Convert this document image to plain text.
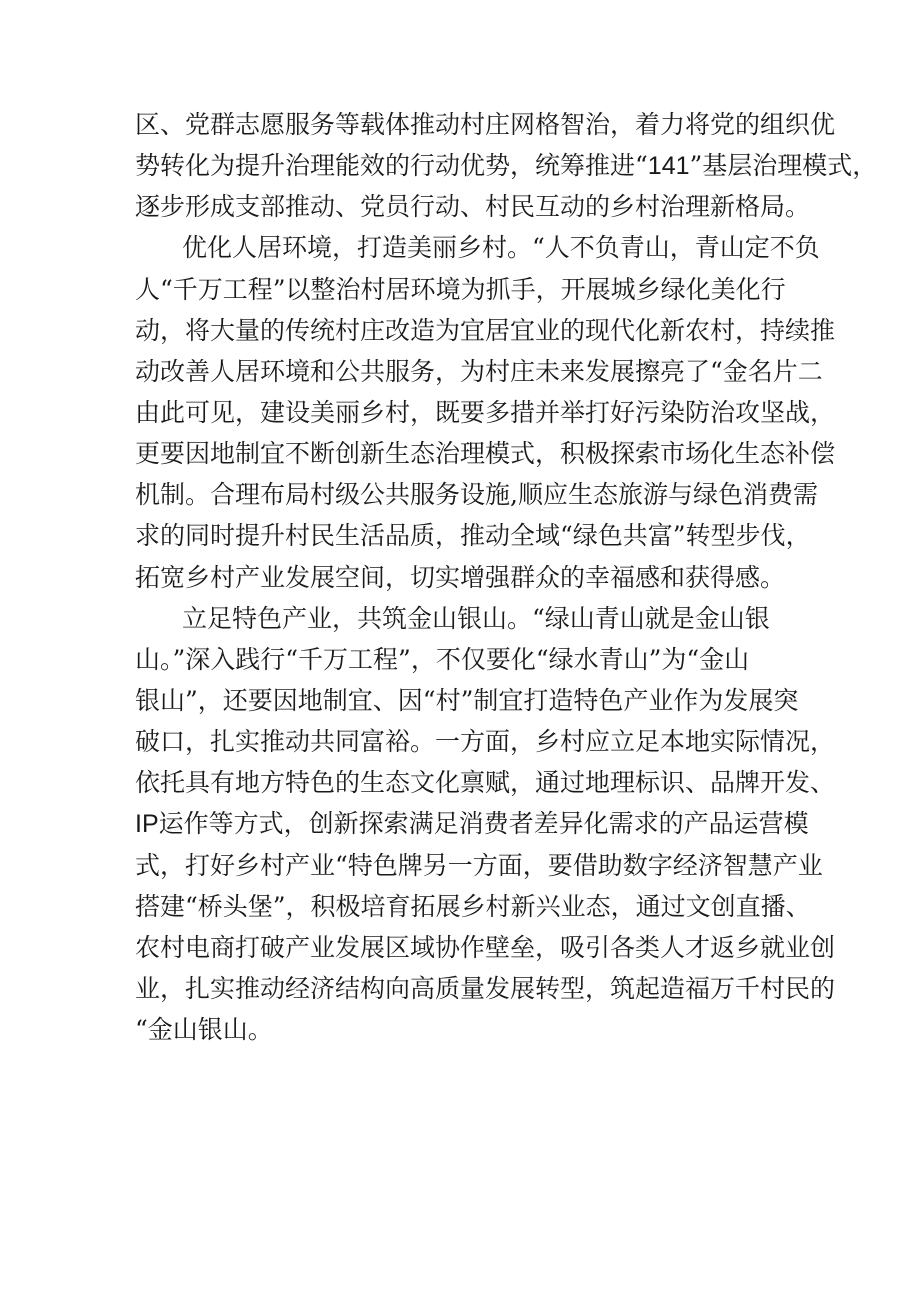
区、党群志愿服务等载体推动村庄网格智治，着力将党的组织优
势转化为提升治理能效的行动优势，统筹推进“141”基层治理模式，
逐步形成支部推动、党员行动、村民互动的乡村治理新格局。
优化人居环境，打造美丽乡村。“人不负青山，青山定不负
人“千万工程”以整治村居环境为抓手，开展城乡绿化美化行
动，将大量的传统村庄改造为宜居宜业的现代化新农村，持续推
动改善人居环境和公共服务，为村庄未来发展擦亮了“金名片二
由此可见，建设美丽乡村，既要多措并举打好污染防治攻坚战，
更要因地制宜不断创新生态治理模式，积极探索市场化生态补偿
机制。合理布局村级公共服务设施,顺应生态旅游与绿色消费需
求的同时提升村民生活品质，推动全域“绿色共富”转型步伐，
拓宽乡村产业发展空间，切实增强群众的幸福感和获得感。
立足特色产业，共筑金山银山。“绿山青山就是金山银
山。”深入践行“千万工程”，不仅要化“绿水青山”为“金山
银山”，还要因地制宜、因“村”制宜打造特色产业作为发展突
破口，扎实推动共同富裕。一方面，乡村应立足本地实际情况，
依托具有地方特色的生态文化禀赋，通过地理标识、品牌开发、
IP运作等方式，创新探索满足消费者差异化需求的产品运营模
式，打好乡村产业“特色牌另一方面，要借助数字经济智慧产业
搭建“桥头堡”，积极培育拓展乡村新兴业态，通过文创直播、
农村电商打破产业发展区域协作壁垒，吸引各类人才返乡就业创
业，扎实推动经济结构向高质量发展转型，筑起造福万千村民的
“金山银山。
